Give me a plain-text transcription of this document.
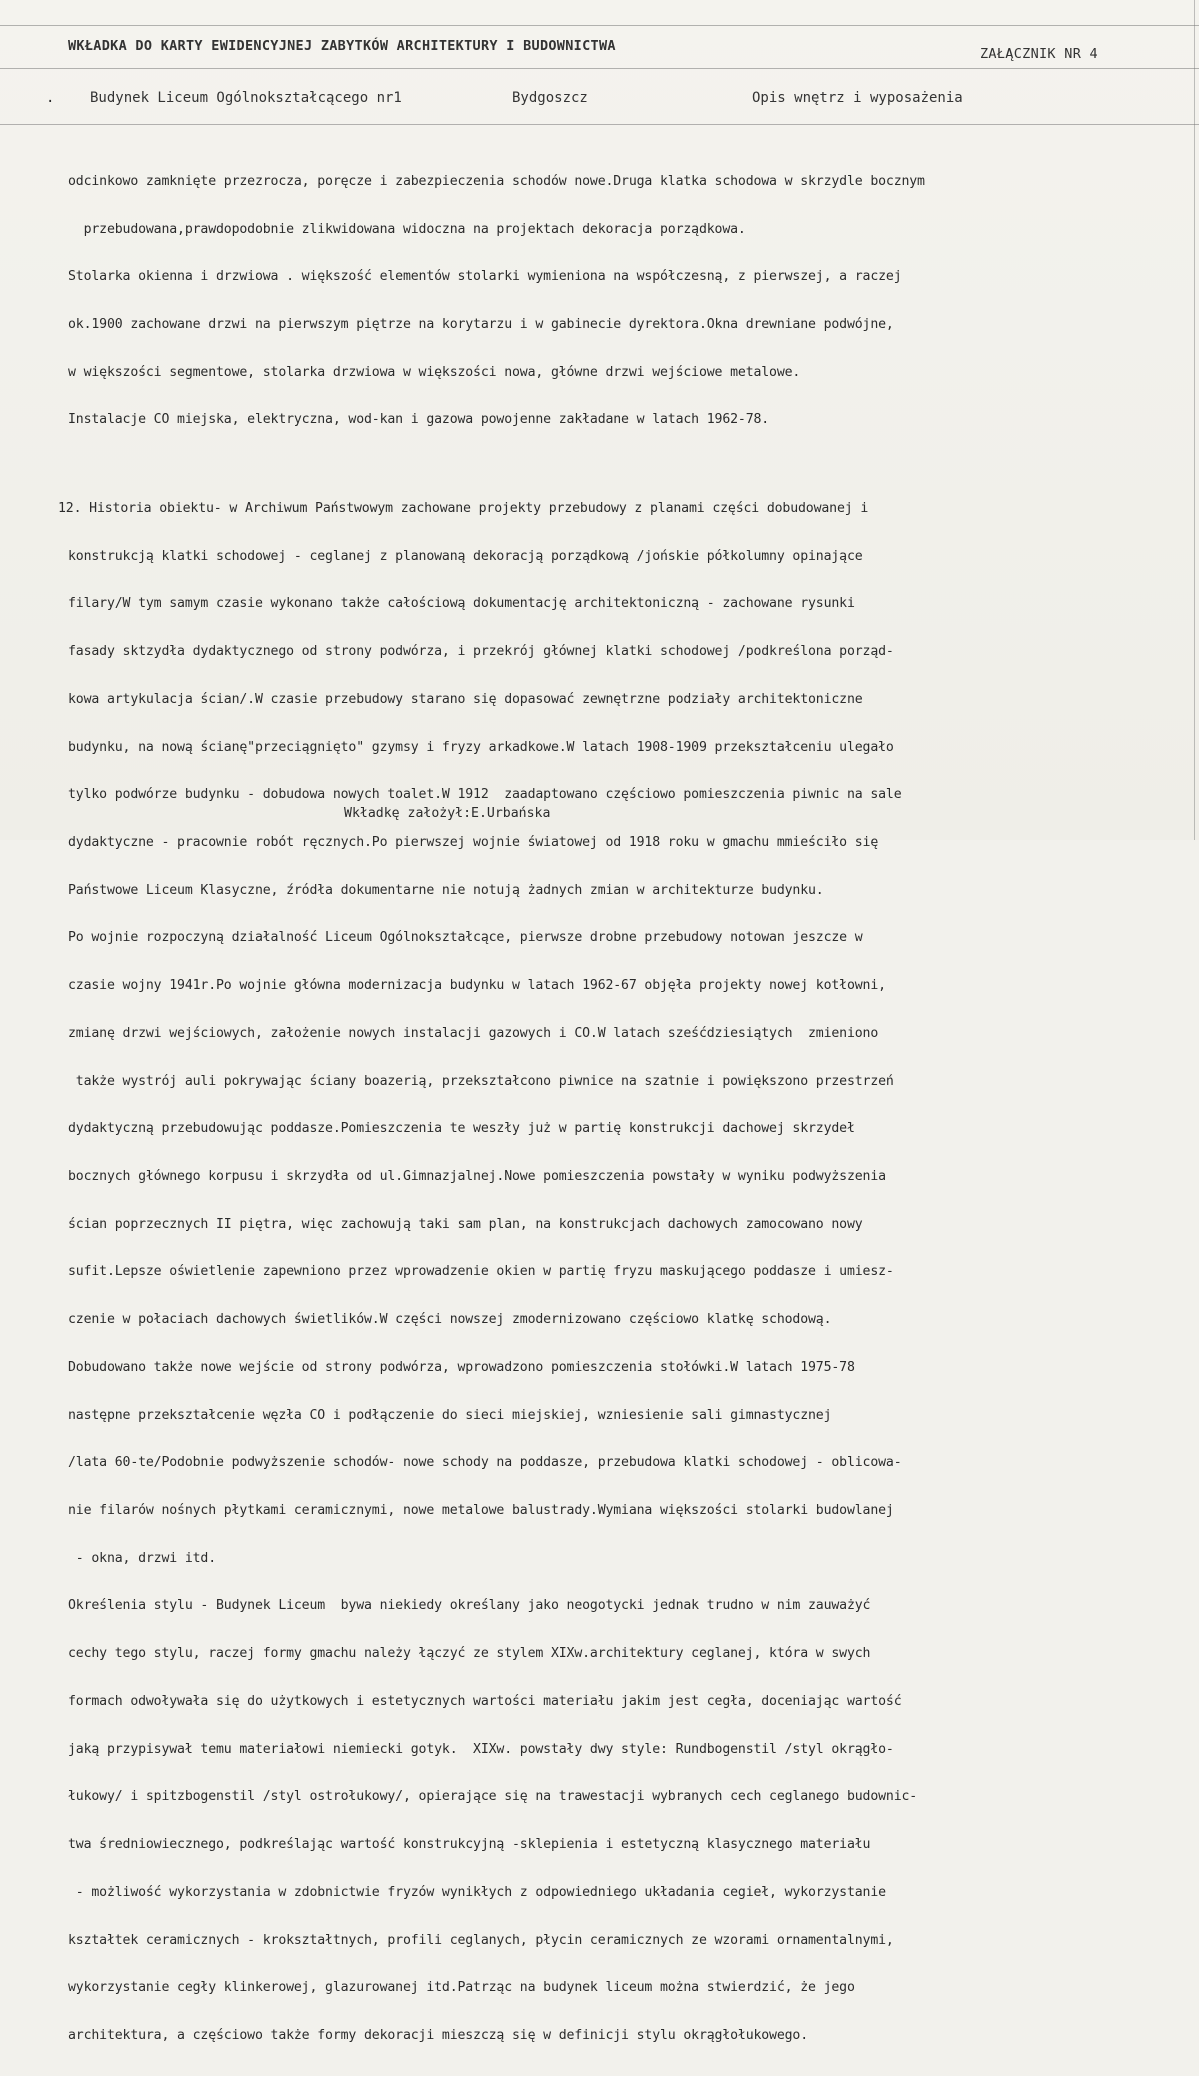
WKŁADKA DO KARTY EWIDENCYJNEJ ZABYTKÓW ARCHITEKTURY I BUDOWNICTWA	ZAŁĄCZNIK NR 4
.	Budynek Liceum Ogólnokształcącego nr1	Bydgoszcz	Opis wnętrz i wyposażenia

odcinkowo zamknięte przezrocza, poręcze i zabezpieczenia schodów nowe.Druga klatka schodowa w skrzydle bocznym

przebudowana,prawdopodobnie zlikwidowana widoczna na projektach dekoracja porządkowa.

Stolarka okienna i drzwiowa . większość elementów stolarki wymieniona na współczesną, z pierwszej, a raczej

ok.1900 zachowane drzwi na pierwszym piętrze na korytarzu i w gabinecie dyrektora.Okna drewniane podwójne,

w większości segmentowe, stolarka drzwiowa w większości nowa, główne drzwi wejściowe metalowe.

Instalacje CO miejska, elektryczna, wod-kan i gazowa powojenne zakładane w latach 1962-78.

12. Historia obiektu- w Archiwum Państwowym zachowane projekty przebudowy z planami części dobudowanej i

konstrukcją klatki schodowej - ceglanej z planowaną dekoracją porządkową /jońskie półkolumny opinające

filary/W tym samym czasie wykonano także całościową dokumentację architektoniczną - zachowane rysunki

fasady sktzydła dydaktycznego od strony podwórza, i przekrój głównej klatki schodowej /podkreślona porząd-

kowa artykulacja ścian/.W czasie przebudowy starano się dopasować zewnętrzne podziały architektoniczne

budynku, na nową ścianę"przeciągnięto" gzymsy i fryzy arkadkowe.W latach 1908-1909 przekształceniu ulegało

tylko podwórze budynku - dobudowa nowych toalet.W 1912  zaadaptowano częściowo pomieszczenia piwnic na sale

dydaktyczne - pracownie robót ręcznych.Po pierwszej wojnie światowej od 1918 roku w gmachu mmieściło się

Państwowe Liceum Klasyczne, źródła dokumentarne nie notują żadnych zmian w architekturze budynku.

Po wojnie rozpoczyną działalność Liceum Ogólnokształcące, pierwsze drobne przebudowy notowan jeszcze w

czasie wojny 1941r.Po wojnie główna modernizacja budynku w latach 1962-67 objęła projekty nowej kotłowni,

zmianę drzwi wejściowych, założenie nowych instalacji gazowych i CO.W latach sześćdziesiątych  zmieniono

także wystrój auli pokrywając ściany boazerią, przekształcono piwnice na szatnie i powiększono przestrzeń

dydaktyczną przebudowując poddasze.Pomieszczenia te weszły już w partię konstrukcji dachowej skrzydeł

bocznych głównego korpusu i skrzydła od ul.Gimnazjalnej.Nowe pomieszczenia powstały w wyniku podwyższenia

ścian poprzecznych II piętra, więc zachowują taki sam plan, na konstrukcjach dachowych zamocowano nowy

sufit.Lepsze oświetlenie zapewniono przez wprowadzenie okien w partię fryzu maskującego poddasze i umiesz-

czenie w połaciach dachowych świetlików.W części nowszej zmodernizowano częściowo klatkę schodową.

Dobudowano także nowe wejście od strony podwórza, wprowadzono pomieszczenia stołówki.W latach 1975-78

następne przekształcenie węzła CO i podłączenie do sieci miejskiej, wzniesienie sali gimnastycznej

/lata 60-te/Podobnie podwyższenie schodów- nowe schody na poddasze, przebudowa klatki schodowej - oblicowa-

nie filarów nośnych płytkami ceramicznymi, nowe metalowe balustrady.Wymiana większości stolarki budowlanej

- okna, drzwi itd.

Określenia stylu - Budynek Liceum  bywa niekiedy określany jako neogotycki jednak trudno w nim zauważyć

cechy tego stylu, raczej formy gmachu należy łączyć ze stylem XIXw.architektury ceglanej, która w swych

formach odwoływała się do użytkowych i estetycznych wartości materiału jakim jest cegła, doceniając wartość

jaką przypisywał temu materiałowi niemiecki gotyk.  XIXw. powstały dwy style: Rundbogenstil /styl okrągło-

łukowy/ i spitzbogenstil /styl ostrołukowy/, opierające się na trawestacji wybranych cech ceglanego budownic-

twa średniowiecznego, podkreślając wartość konstrukcyjną -sklepienia i estetyczną klasycznego materiału

- możliwość wykorzystania w zdobnictwie fryzów wynikłych z odpowiedniego układania cegieł, wykorzystanie

kształtek ceramicznych - krokształtnych, profili ceglanych, płycin ceramicznych ze wzorami ornamentalnymi,

wykorzystanie cegły klinkerowej, glazurowanej itd.Patrząc na budynek liceum można stwierdzić, że jego

architektura, a częściowo także formy dekoracji mieszczą się w definicji stylu okrągłołukowego.

Wkładkę założył:E.Urbańska
